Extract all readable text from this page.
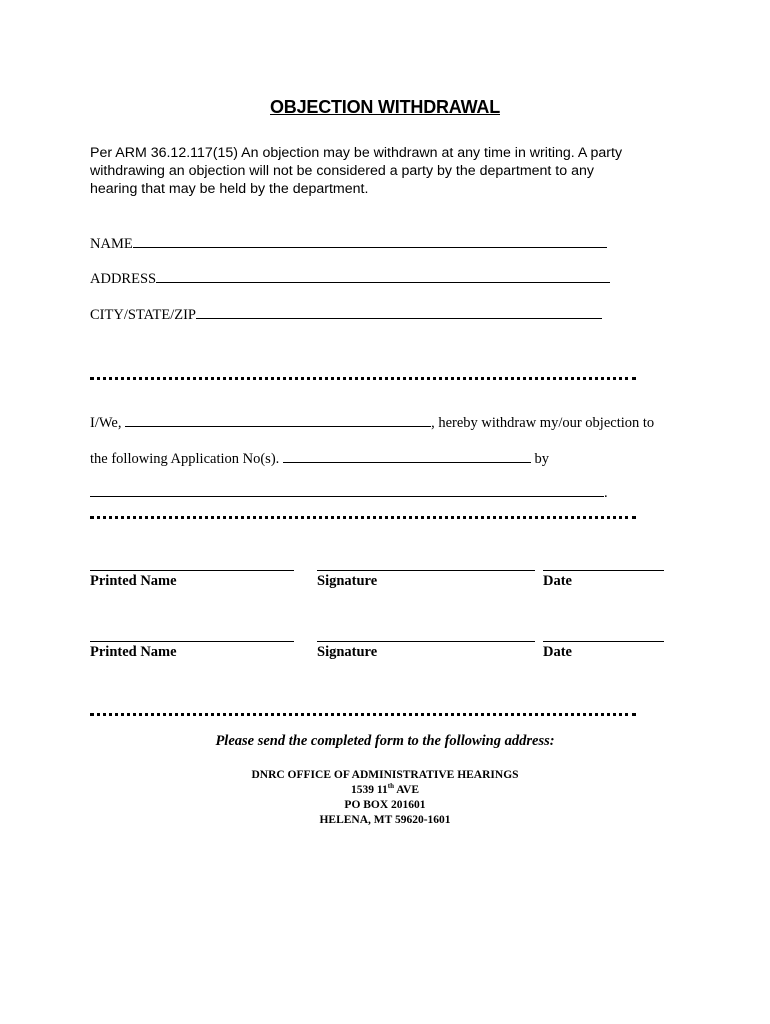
OBJECTION WITHDRAWAL
Per ARM 36.12.117(15) An objection may be withdrawn at any time in writing. A party
withdrawing an objection will not be considered a party by the department to any
hearing that may be held by the department.
NAME
ADDRESS
CITY/STATE/ZIP
I/We,	, hereby withdraw my/our objection to
the following Application No(s).	by
.
Printed Name	Signature	Date
Printed Name	Signature	Date
Please send the completed form to the following address:
DNRC OFFICE OF ADMINISTRATIVE HEARINGS
1539 11th AVE
PO BOX 201601
HELENA, MT 59620-1601
